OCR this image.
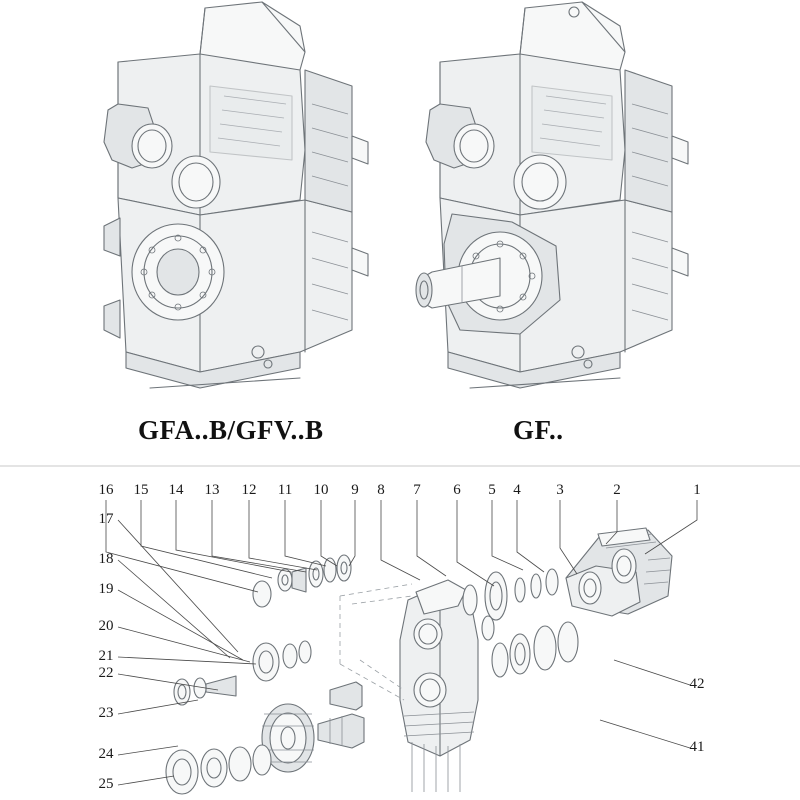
GFA..B/GFV..B	GF..
16	15	14	13	12	11	10	9	8	7	6	5	4	3	2	1
17
18
19
20
21
22
23
24
25
42
41
